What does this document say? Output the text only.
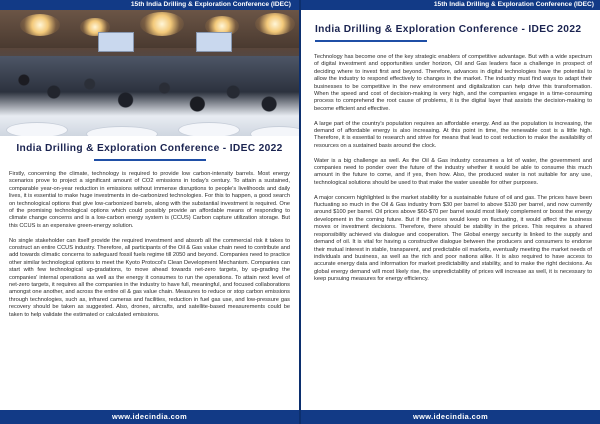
15th India Drilling & Exploration Conference (IDEC)
India Drilling & Exploration Conference - IDEC 2022

Firstly, concerning the climate, technology is required to provide low carbon-intensity barrels. Most energy scenarios prove to project a significant amount of CO2 emissions in today's century. To attain a sustained, comparable year-on-year reduction in emissions without immense disruptions to people's livelihoods and daily lives, it is essential to make huge investments in de-carbonized technologies. For this to happen, a good search on technological options that give low-carbonized barrels, along with the substantial investment is required. One of the promising technological options which could possibly provide an affordable means of responding to climate change concerns and is a low-carbon energy system is (CCUS) Carbon capture utilization storage. But this CCUS is an expensive green-energy solution.

No single stakeholder can itself provide the required investment and absorb all the commercial risk it takes to construct an entire CCUS industry. Therefore, all participants of the Oil & Gas value chain need to contribute and add towards climatic concerns to safeguard fossil fuels regime till 2050 and beyond. Companies need to practice other similar technological options to meet the Kyoto Protocol's Clean Development Mechanism. Companies can start with few technological up-gradations, to move ahead towards net-zero targets, by up-grading the companies' internal operations as well as the energy it consumes to run the operations. To attain next level of net-zero targets, it requires all the companies in the industry to have full, meaningful, and focused collaborations amongst one another, and across the entire oil & gas value chain. Measures to reduce or stop carbon emissions through technologies, such as, infrared cameras and facilities, reduction in fuel gas use, and low-pressure gas recovery should be taken as suggested. Also, drones, aircrafts, and satellite-based measurements could be taken to help validate the estimated or calculated emissions.

www.idecindia.com
15th India Drilling & Exploration Conference (IDEC)
India Drilling & Exploration Conference - IDEC 2022

Technology has become one of the key strategic enablers of competitive advantage. But with a wide spectrum of digital investment and opportunities under horizon, Oil and Gas leaders face a challenge in prospect of deciding where to invest first and beyond. Therefore, advances in digital technologies have the potential to allow the industry to respond effectively to changes in the market. The industry must find ways to adapt their businesses to be competitive in the new environment and digitalization can help drive this transformation. When the speed and cost of decision-making is very high, and the companies engage in a time-consuming process to comprehend the root cause of problems, it is the digital layer that assists the decision-making to become efficient and effective.

A large part of the country's population requires an affordable energy. And as the population is increasing, the demand of affordable energy is also increasing. At this point in time, the renewable cost is a little high. Therefore, it is essential to research and strive for means that lead to cost reduction to make the availability of resources on a sustained basis around the clock.

Water is a big challenge as well. As the Oil & Gas industry consumes a lot of water, the government and companies need to ponder over the future of the industry whether it would be able to consume this much amount in the future to come, and if yes, then how. Also, the produced water is not suitable for any use, technological solutions should be used to that make the water useable for other purposes.

A major concern highlighted is the market stability for a sustainable future of oil and gas. The prices have been fluctuating so much in the Oil & Gas industry from $30 per barrel to above $130 per barrel, and now currently around $100 per barrel. Oil prices above $60-$70 per barrel would most likely complement or boost the energy development in the coming future. But if the prices would keep on fluctuating, it would affect the business moves or investment decisions. Therefore, there should be stability in the prices. This requires a shared responsibility achieved via dialogue and cooperation. The Global energy security is linked to the supply and demand of oil. It is vital for having a constructive dialogue between the producers and consumers to endorse their mutual interest in stable, transparent, and predictable oil markets, eventually meeting the market needs of individuals and business, as well as the rich and poor nations alike. It is also required to have access to accurate energy data and information for market predictability and stability, and to make the right decisions. As global energy demand will most likely rise, the unpredictability of prices will increase as well, it is necessary to keep pursuing measures for energy efficiency.

www.idecindia.com
